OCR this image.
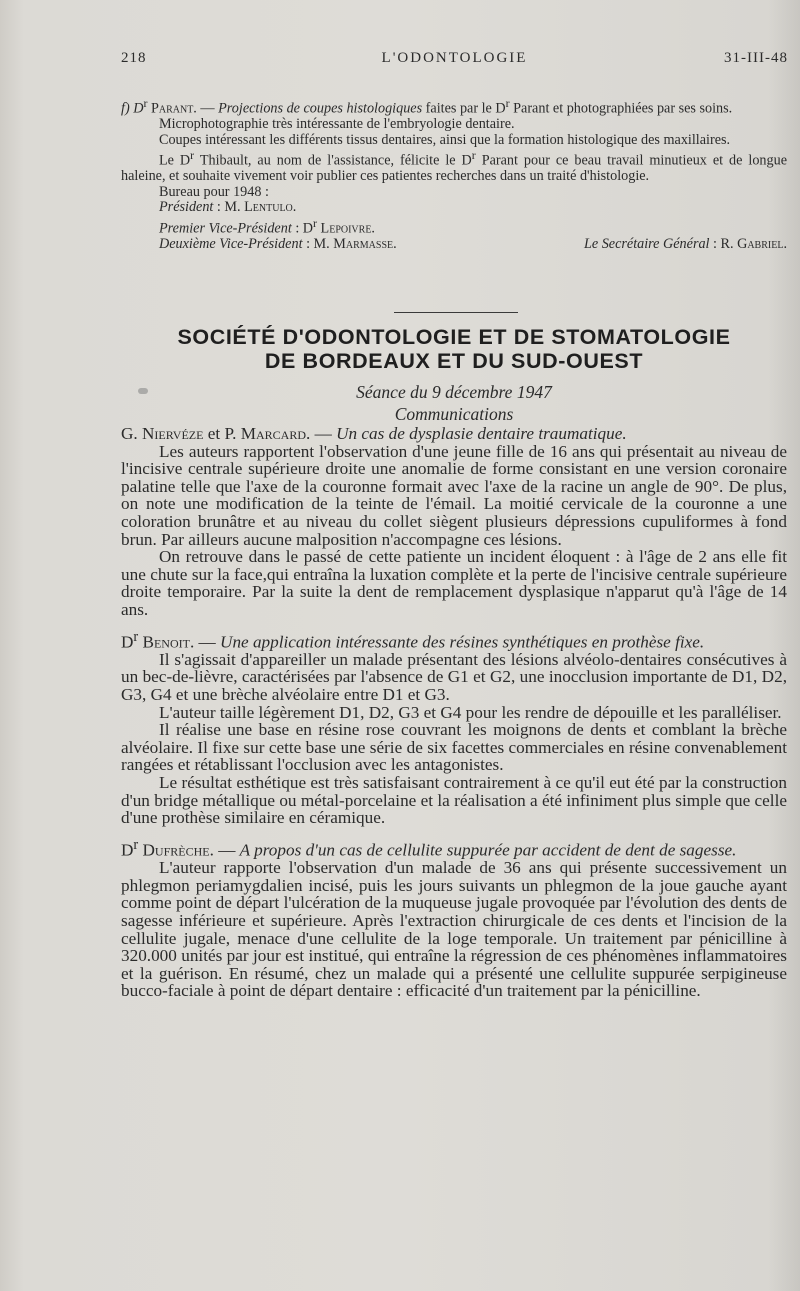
218	L'ODONTOLOGIE	31-III-48

f) $D^r$ Parant. — Projections de coupes histologiques faites par le $D^r$ Parant et photographiées par ses soins.

Microphotographie très intéressante de l'embryologie dentaire.

Coupes intéressant les différents tissus dentaires, ainsi que la formation histologique des maxillaires.

Le $D^r$ Thibault, au nom de l'assistance, félicite le $D^r$ Parant pour ce beau travail minutieux et de longue haleine, et souhaite vivement voir publier ces patientes recherches dans un traité d'histologie.

Bureau pour 1948 :

Président : M. Lentulo.

Premier Vice-Président : $D^r$ Lepoivre.

Deuxième Vice-Président : M. Marmasse.	Le Secrétaire Général : R. Gabriel.

SOCIÉTÉ D'ODONTOLOGIE ET DE STOMATOLOGIE
DE BORDEAUX ET DU SUD-OUEST
Séance du 9 décembre 1947
Communications

G. Niervéze et P. Marcard. — Un cas de dysplasie dentaire traumatique.

Les auteurs rapportent l'observation d'une jeune fille de 16 ans qui présentait au niveau de l'incisive centrale supérieure droite une anomalie de forme consistant en une version coronaire palatine telle que l'axe de la couronne formait avec l'axe de la racine un angle de 90°. De plus, on note une modification de la teinte de l'émail. La moitié cervicale de la couronne a une coloration brunâtre et au niveau du collet siègent plusieurs dépressions cupuliformes à fond brun. Par ailleurs aucune malposition n'accompagne ces lésions.

On retrouve dans le passé de cette patiente un incident éloquent : à l'âge de 2 ans elle fit une chute sur la face,qui entraîna la luxation complète et la perte de l'incisive centrale supérieure droite temporaire. Par la suite la dent de remplacement dysplasique n'apparut qu'à l'âge de 14 ans.

$D^r$ Benoit. — Une application intéressante des résines synthétiques en prothèse fixe.

Il s'agissait d'appareiller un malade présentant des lésions alvéolo-dentaires consécutives à un bec-de-lièvre, caractérisées par l'absence de G1 et G2, une inocclusion importante de D1, D2, G3, G4 et une brèche alvéolaire entre D1 et G3.

L'auteur taille légèrement D1, D2, G3 et G4 pour les rendre de dépouille et les paralléliser.

Il réalise une base en résine rose couvrant les moignons de dents et comblant la brèche alvéolaire. Il fixe sur cette base une série de six facettes commerciales en résine convenablement rangées et rétablissant l'occlusion avec les antagonistes.

Le résultat esthétique est très satisfaisant contrairement à ce qu'il eut été par la construction d'un bridge métallique ou métal-porcelaine et la réalisation a été infiniment plus simple que celle d'une prothèse similaire en céramique.

$D^r$ Dufrèche. — A propos d'un cas de cellulite suppurée par accident de dent de sagesse.

L'auteur rapporte l'observation d'un malade de 36 ans qui présente successivement un phlegmon periamygdalien incisé, puis les jours suivants un phlegmon de la joue gauche ayant comme point de départ l'ulcération de la muqueuse jugale provoquée par l'évolution des dents de sagesse inférieure et supérieure. Après l'extraction chirurgicale de ces dents et l'incision de la cellulite jugale, menace d'une cellulite de la loge temporale. Un traitement par pénicilline à 320.000 unités par jour est institué, qui entraîne la régression de ces phénomènes inflammatoires et la guérison. En résumé, chez un malade qui a présenté une cellulite suppurée serpigineuse bucco-faciale à point de départ dentaire : efficacité d'un traitement par la pénicilline.
